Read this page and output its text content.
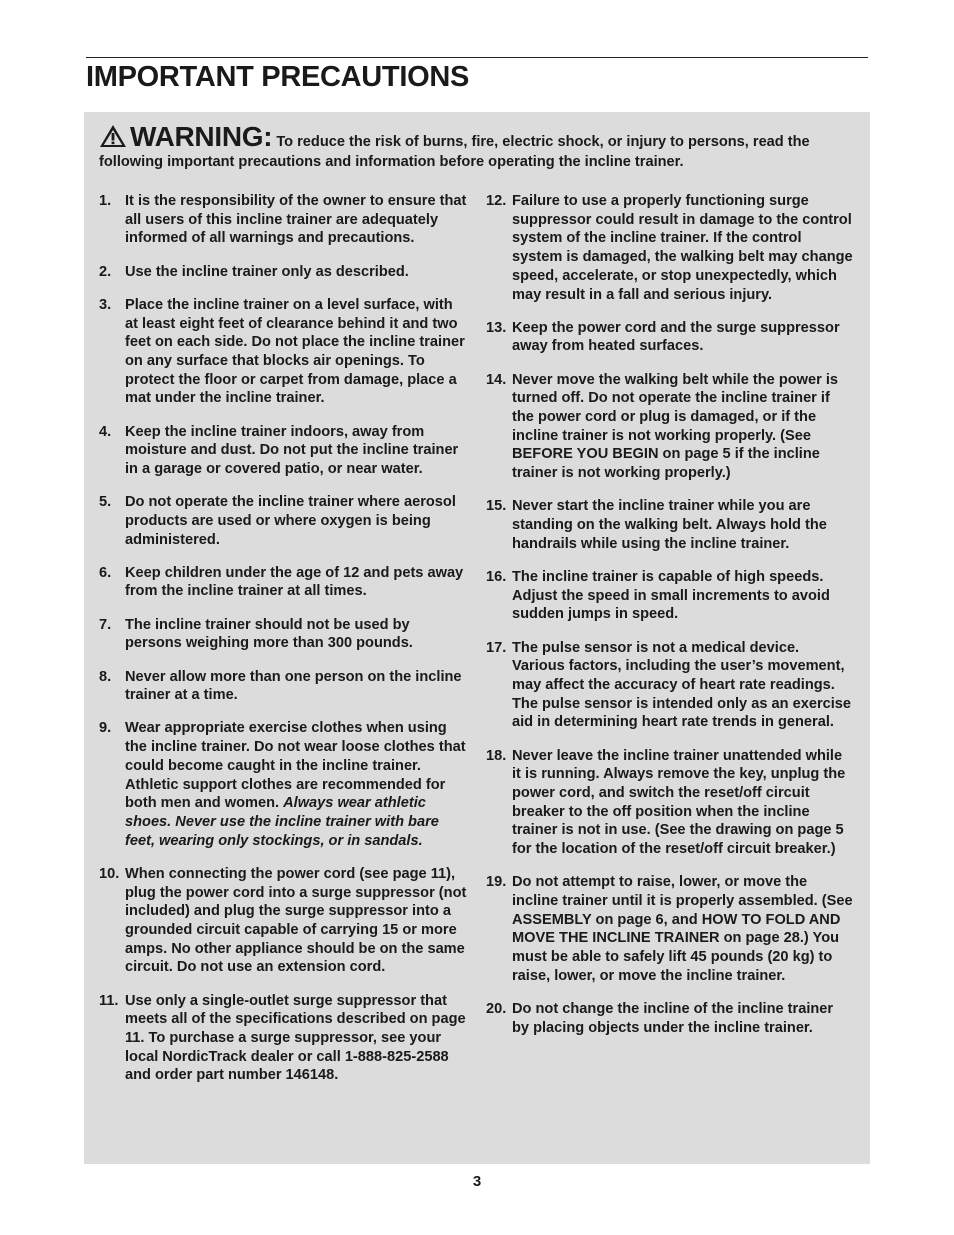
IMPORTANT PRECAUTIONS
WARNING: To reduce the risk of burns, fire, electric shock, or injury to persons, read the following important precautions and information before operating the incline trainer.
1. It is the responsibility of the owner to ensure that all users of this incline trainer are adequately informed of all warnings and precautions.
2. Use the incline trainer only as described.
3. Place the incline trainer on a level surface, with at least eight feet of clearance behind it and two feet on each side. Do not place the incline trainer on any surface that blocks air openings. To protect the floor or carpet from damage, place a mat under the incline trainer.
4. Keep the incline trainer indoors, away from moisture and dust. Do not put the incline trainer in a garage or covered patio, or near water.
5. Do not operate the incline trainer where aerosol products are used or where oxygen is being administered.
6. Keep children under the age of 12 and pets away from the incline trainer at all times.
7. The incline trainer should not be used by persons weighing more than 300 pounds.
8. Never allow more than one person on the incline trainer at a time.
9. Wear appropriate exercise clothes when using the incline trainer. Do not wear loose clothes that could become caught in the incline trainer. Athletic support clothes are recommended for both men and women. Always wear athletic shoes. Never use the incline trainer with bare feet, wearing only stockings, or in sandals.
10. When connecting the power cord (see page 11), plug the power cord into a surge suppressor (not included) and plug the surge suppressor into a grounded circuit capable of carrying 15 or more amps. No other appliance should be on the same circuit. Do not use an extension cord.
11. Use only a single-outlet surge suppressor that meets all of the specifications described on page 11. To purchase a surge suppressor, see your local NordicTrack dealer or call 1-888-825-2588 and order part number 146148.
12. Failure to use a properly functioning surge suppressor could result in damage to the control system of the incline trainer. If the control system is damaged, the walking belt may change speed, accelerate, or stop unexpectedly, which may result in a fall and serious injury.
13. Keep the power cord and the surge suppressor away from heated surfaces.
14. Never move the walking belt while the power is turned off. Do not operate the incline trainer if the power cord or plug is damaged, or if the incline trainer is not working properly. (See BEFORE YOU BEGIN on page 5 if the incline trainer is not working properly.)
15. Never start the incline trainer while you are standing on the walking belt. Always hold the handrails while using the incline trainer.
16. The incline trainer is capable of high speeds. Adjust the speed in small increments to avoid sudden jumps in speed.
17. The pulse sensor is not a medical device. Various factors, including the user’s movement, may affect the accuracy of heart rate readings. The pulse sensor is intended only as an exercise aid in determining heart rate trends in general.
18. Never leave the incline trainer unattended while it is running. Always remove the key, unplug the power cord, and switch the reset/off circuit breaker to the off position when the incline trainer is not in use. (See the drawing on page 5 for the location of the reset/off circuit breaker.)
19. Do not attempt to raise, lower, or move the incline trainer until it is properly assembled. (See ASSEMBLY on page 6, and HOW TO FOLD AND MOVE THE INCLINE TRAINER on page 28.) You must be able to safely lift 45 pounds (20 kg) to raise, lower, or move the incline trainer.
20. Do not change the incline of the incline trainer by placing objects under the incline trainer.
3
